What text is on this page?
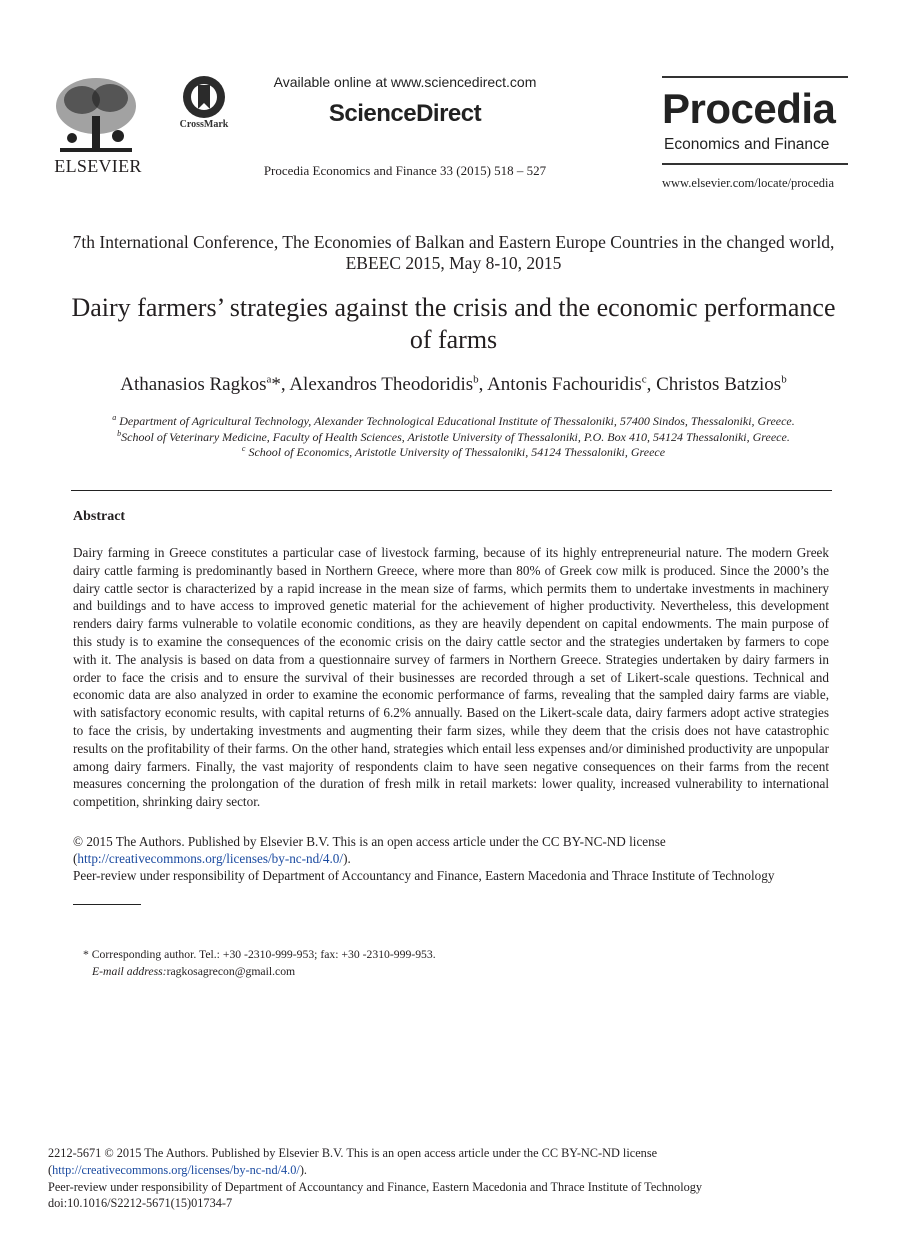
ELSEVIER
CrossMark
Available online at www.sciencedirect.com
ScienceDirect
Procedia Economics and Finance 33 (2015) 518 – 527
Procedia
Economics and Finance
www.elsevier.com/locate/procedia
7th International Conference, The Economies of Balkan and Eastern Europe Countries in the changed world, EBEEC 2015, May 8-10, 2015
Dairy farmers’ strategies against the crisis and the economic performance of farms
Athanasios Ragkos$^a$*, Alexandros Theodoridis$^b$, Antonis Fachouridis$^c$, Christos Batzios$^b$
$^a$ Department of Agricultural Technology, Alexander Technological Educational Institute of Thessaloniki, 57400 Sindos, Thessaloniki, Greece.
$^b$School of Veterinary Medicine, Faculty of Health Sciences, Aristotle University of Thessaloniki, P.O. Box 410, 54124 Thessaloniki, Greece.
$^c$ School of Economics, Aristotle University of Thessaloniki, 54124 Thessaloniki, Greece
Abstract
Dairy farming in Greece constitutes a particular case of livestock farming, because of its highly entrepreneurial nature. The modern Greek dairy cattle farming is predominantly based in Northern Greece, where more than 80% of Greek cow milk is produced. Since the 2000’s the dairy cattle sector is characterized by a rapid increase in the mean size of farms, which permits them to undertake investments in machinery and buildings and to have access to improved genetic material for the achievement of higher productivity. Nevertheless, this development renders dairy farms vulnerable to volatile economic conditions, as they are heavily dependent on capital endowments. The main purpose of this study is to examine the consequences of the economic crisis on the dairy cattle sector and the strategies undertaken by farmers to cope with it. The analysis is based on data from a questionnaire survey of farmers in Northern Greece. Strategies undertaken by dairy farmers in order to face the crisis and to ensure the survival of their businesses are recorded through a set of Likert-scale questions. Technical and economic data are also analyzed in order to examine the economic performance of farms, revealing that the sampled dairy farms are viable, with satisfactory economic results, with capital returns of 6.2% annually. Based on the Likert-scale data, dairy farmers adopt active strategies to face the crisis, by undertaking investments and augmenting their farm sizes, while they deem that the crisis does not have catastrophic results on the profitability of their farms. On the other hand, strategies which entail less expenses and/or diminished productivity are unpopular among dairy farmers. Finally, the vast majority of respondents claim to have seen negative consequences on their farms from the recent measures concerning the prolongation of the duration of fresh milk in retail markets: lower quality, increased vulnerability to international competition, shrinking dairy sector.
© 2015 The Authors. Published by Elsevier B.V. This is an open access article under the CC BY-NC-ND license
(http://creativecommons.org/licenses/by-nc-nd/4.0/).
Peer-review under responsibility of Department of Accountancy and Finance, Eastern Macedonia and Thrace Institute of Technology
* Corresponding author. Tel.: +30 -2310-999-953; fax: +30 -2310-999-953.
E-mail address:ragkosagrecon@gmail.com
2212-5671 © 2015 The Authors. Published by Elsevier B.V. This is an open access article under the CC BY-NC-ND license
(http://creativecommons.org/licenses/by-nc-nd/4.0/).
Peer-review under responsibility of Department of Accountancy and Finance, Eastern Macedonia and Thrace Institute of Technology
doi:10.1016/S2212-5671(15)01734-7
